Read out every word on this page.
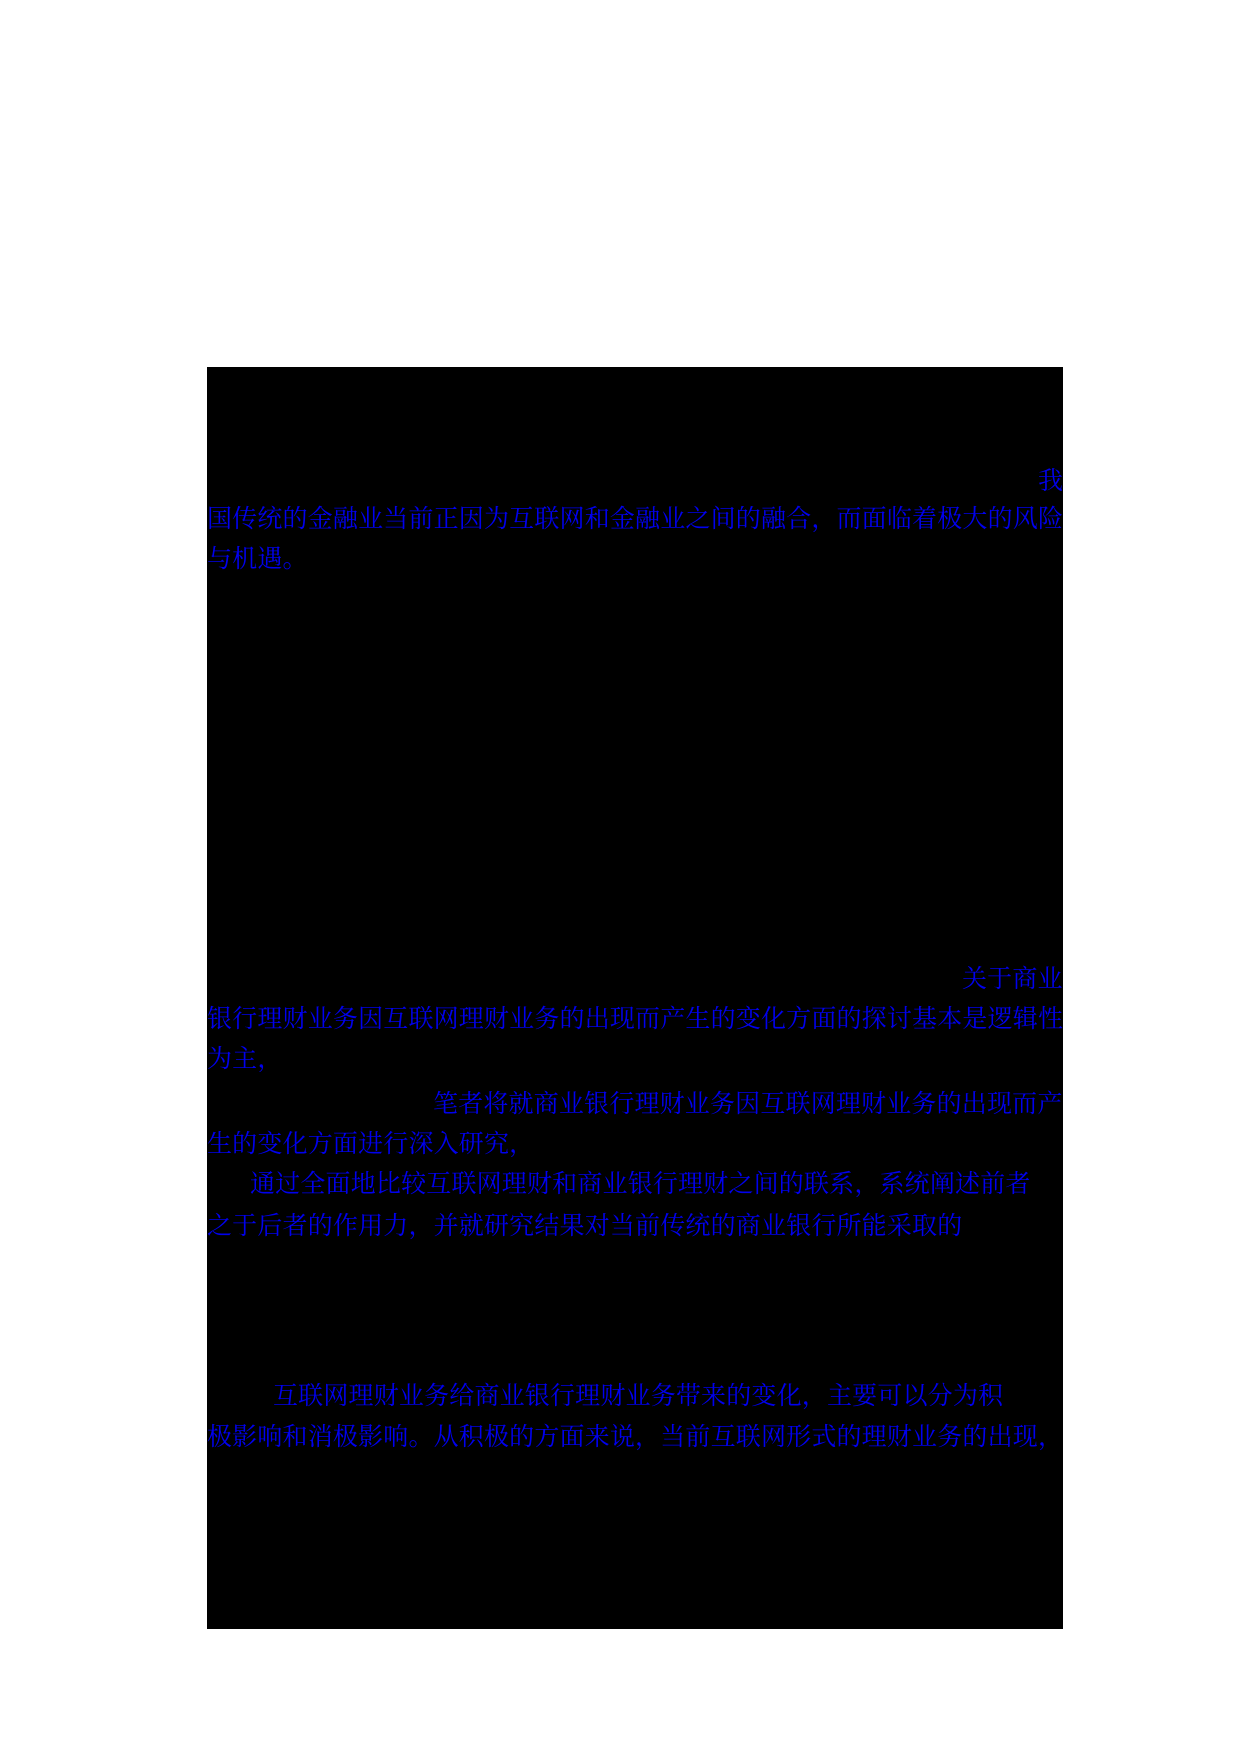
我
国传统的金融业当前正因为互联网和金融业之间的融合，而面临着极大的风险
与机遇。
关于商业
银行理财业务因互联网理财业务的出现而产生的变化方面的探讨基本是逻辑性
为主，
笔者将就商业银行理财业务因互联网理财业务的出现而产
生的变化方面进行深入研究，
通过全面地比较互联网理财和商业银行理财之间的联系，系统阐述前者
之于后者的作用力，并就研究结果对当前传统的商业银行所能采取的
互联网理财业务给商业银行理财业务带来的变化，主要可以分为积
极影响和消极影响。从积极的方面来说，当前互联网形式的理财业务的出现，
